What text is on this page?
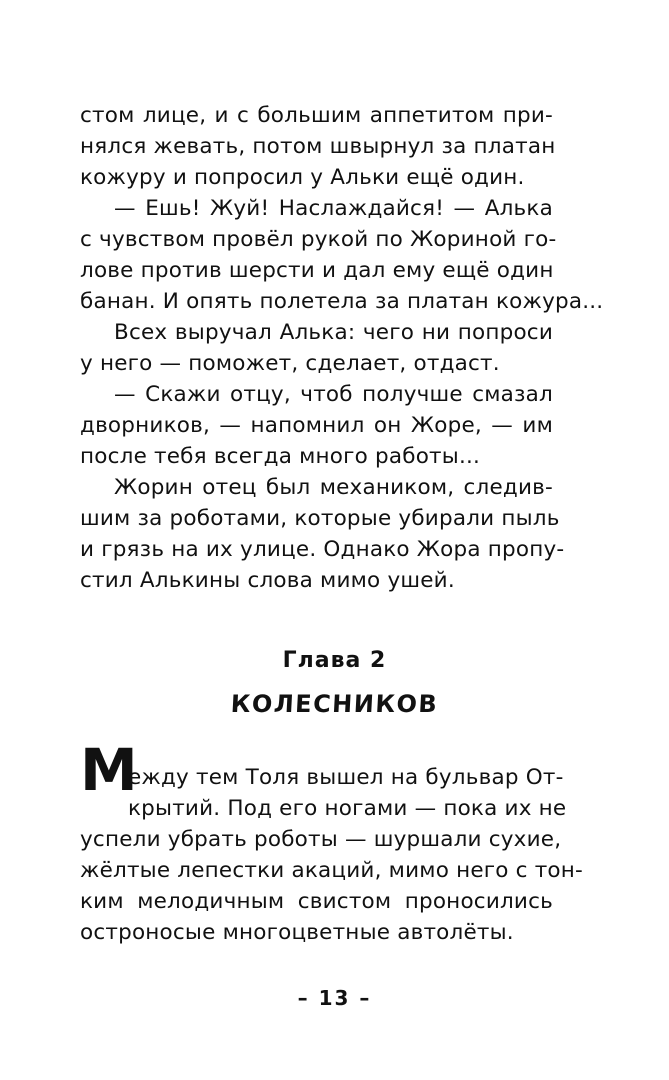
стом лице, и с большим аппетитом при-
нялся жевать, потом швырнул за платан
кожуру и попросил у Альки ещё один.
— Ешь! Жуй! Наслаждайся! — Алька
с чувством провёл рукой по Жориной го-
лове против шерсти и дал ему ещё один
банан. И опять полетела за платан кожура...
Всех выручал Алька: чего ни попроси
у него — поможет, сделает, отдаст.
— Скажи отцу, чтоб получше смазал
дворников, — напомнил он Жоре, — им
после тебя всегда много работы...
Жорин отец был механиком, следив-
шим за роботами, которые убирали пыль
и грязь на их улице. Однако Жора пропу-
стил Алькины слова мимо ушей.
Глава 2
КОЛЕСНИКОВ
М
ежду тем Толя вышел на бульвар От-
крытий. Под его ногами — пока их не
успели убрать роботы — шуршали сухие,
жёлтые лепестки акаций, мимо него с тон-
ким мелодичным свистом проносились
остроносые многоцветные автолёты.
– 13 –
